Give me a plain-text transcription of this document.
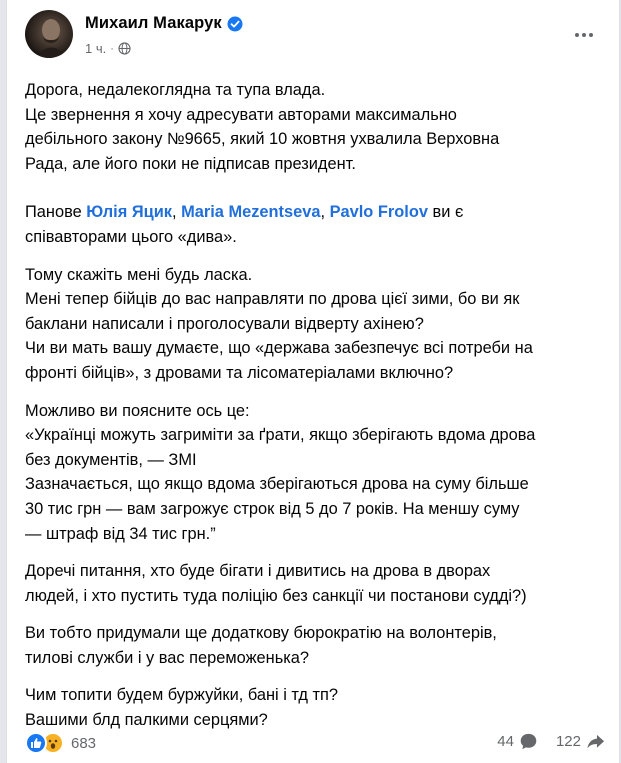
Михаил Макарук
1 ч. ·

Дорога, недалекоглядна та тупа влада.
Це звернення я хочу адресувати авторами максимально
дебільного закону №9665, який 10 жовтня ухвалила Верховна
Рада, але його поки не підписав президент.

Панове Юлія Яцик, Maria Mezentseva, Pavlo Frolov ви є
співавторами цього «дива».

Тому скажіть мені будь ласка.
Мені тепер бійців до вас направляти по дрова цієї зими, бо ви як
баклани написали і проголосували відверту ахінею?
Чи ви мать вашу думаєте, що «держава забезпечує всі потреби на
фронті бійців», з дровами та лісоматеріалами включно?

Можливо ви поясните ось це:
«Українці можуть загриміти за ґрати, якщо зберігають вдома дрова
без документів, — ЗМІ
Зазначається, що якщо вдома зберігаються дрова на суму більше
30 тис грн — вам загрожує строк від 5 до 7 років. На меншу суму
— штраф від 34 тис грн.”

Доречі питання, хто буде бігати і дивитись на дрова в дворах
людей, і хто пустить туда поліцію без санкції чи постанови судді?)

Ви тобто придумали ще додаткову бюрократію на волонтерів,
тилові служби і у вас переможенька?

Чим топити будем буржуйки, бані і тд тп?
Вашими блд палкими серцями?

683	44	122
